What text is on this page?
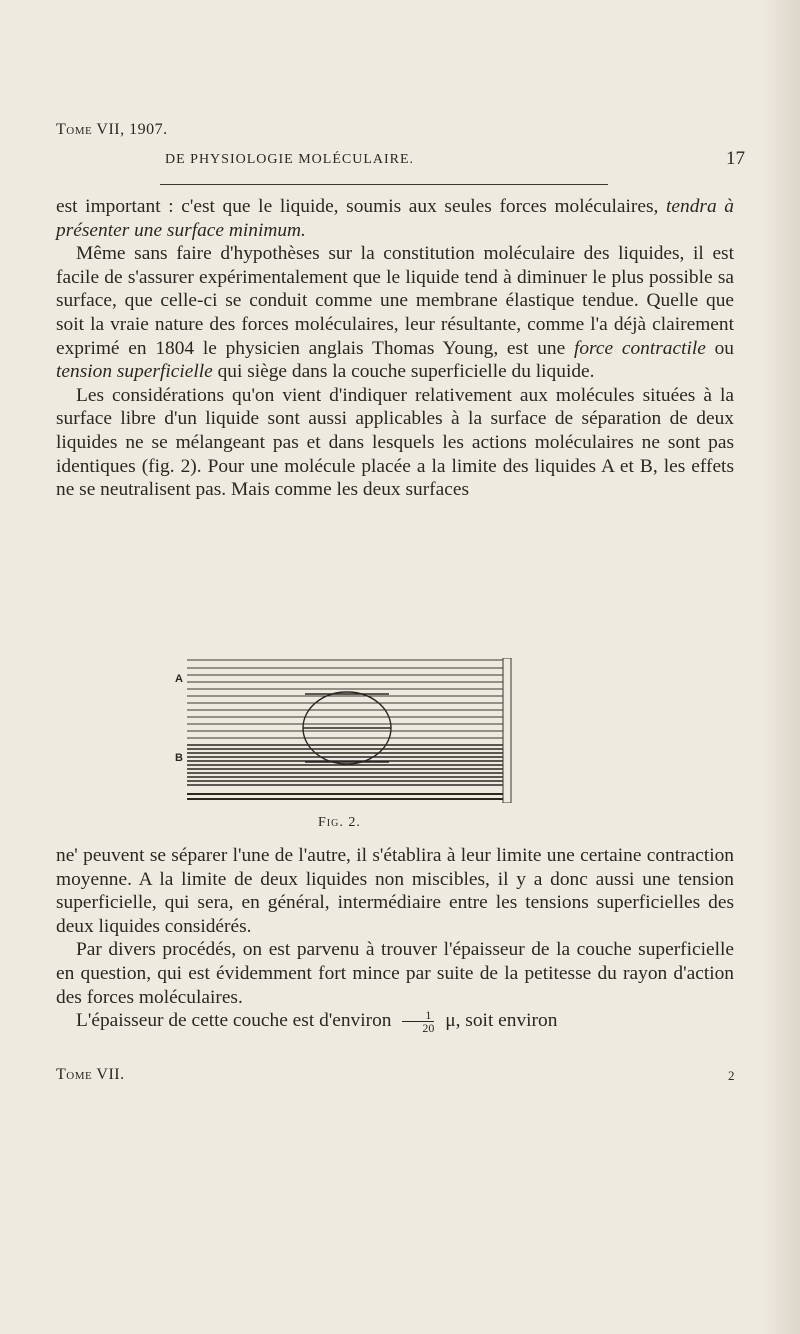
Tome VII, 1907.
DE PHYSIOLOGIE MOLÉCULAIRE.	17

est important : c'est que le liquide, soumis aux seules forces moléculaires, tendra à présenter une surface minimum.

Même sans faire d'hypothèses sur la constitution moléculaire des liquides, il est facile de s'assurer expérimentalement que le liquide tend à diminuer le plus possible sa surface, que celle-ci se conduit comme une membrane élastique tendue. Quelle que soit la vraie nature des forces moléculaires, leur résultante, comme l'a déjà clairement exprimé en 1804 le physicien anglais Thomas Young, est une force contractile ou tension superficielle qui siège dans la couche superficielle du liquide.

Les considérations qu'on vient d'indiquer relativement aux molécules situées à la surface libre d'un liquide sont aussi applicables à la surface de séparation de deux liquides ne se mélangeant pas et dans lesquels les actions moléculaires ne sont pas identiques (fig. 2). Pour une molécule placée a la limite des liquides A et B, les effets ne se neutralisent pas. Mais comme les deux surfaces

A
B
Fig. 2.

ne' peuvent se séparer l'une de l'autre, il s'établira à leur limite une certaine contraction moyenne. A la limite de deux liquides non miscibles, il y a donc aussi une tension superficielle, qui sera, en général, intermédiaire entre les tensions superficielles des deux liquides considérés.

Par divers procédés, on est parvenu à trouver l'épaisseur de la couche superficielle en question, qui est évidemment fort mince par suite de la petitesse du rayon d'action des forces moléculaires.

L'épaisseur de cette couche est d'environ $\frac{1}{20} \mu$, soit environ

Tome VII.	2
